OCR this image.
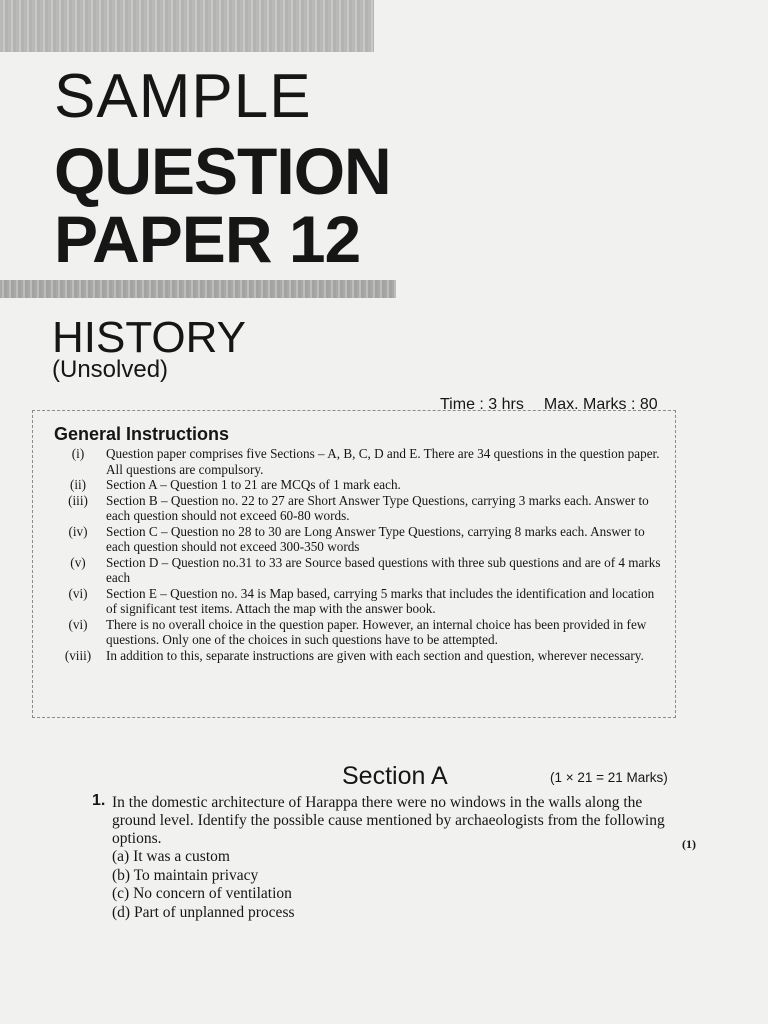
SAMPLE
QUESTION
PAPER 12
HISTORY
(Unsolved)
Time : 3 hrs Max. Marks : 80
General Instructions
(i)	Question paper comprises five Sections – A, B, C, D and E. There are 34 questions in the question paper. All questions are compulsory.
(ii)	Section A – Question 1 to 21 are MCQs of 1 mark each.
(iii)	Section B – Question no. 22 to 27 are Short Answer Type Questions, carrying 3 marks each. Answer to each question should not exceed 60-80 words.
(iv)	Section C – Question no 28 to 30 are Long Answer Type Questions, carrying 8 marks each. Answer to each question should not exceed 300-350 words
(v)	Section D – Question no.31 to 33 are Source based questions with three sub questions and are of 4 marks each
(vi)	Section E – Question no. 34 is Map based, carrying 5 marks that includes the identification and location of significant test items. Attach the map with the answer book.
(vi)	There is no overall choice in the question paper. However, an internal choice has been provided in few questions. Only one of the choices in such questions have to be attempted.
(viii)	In addition to this, separate instructions are given with each section and question, wherever necessary.
Section A	(1 × 21 = 21 Marks)
1. In the domestic architecture of Harappa there were no windows in the walls along the ground level. Identify the possible cause mentioned by archaeologists from the following options.	(1)
(a) It was a custom
(b) To maintain privacy
(c) No concern of ventilation
(d) Part of unplanned process
